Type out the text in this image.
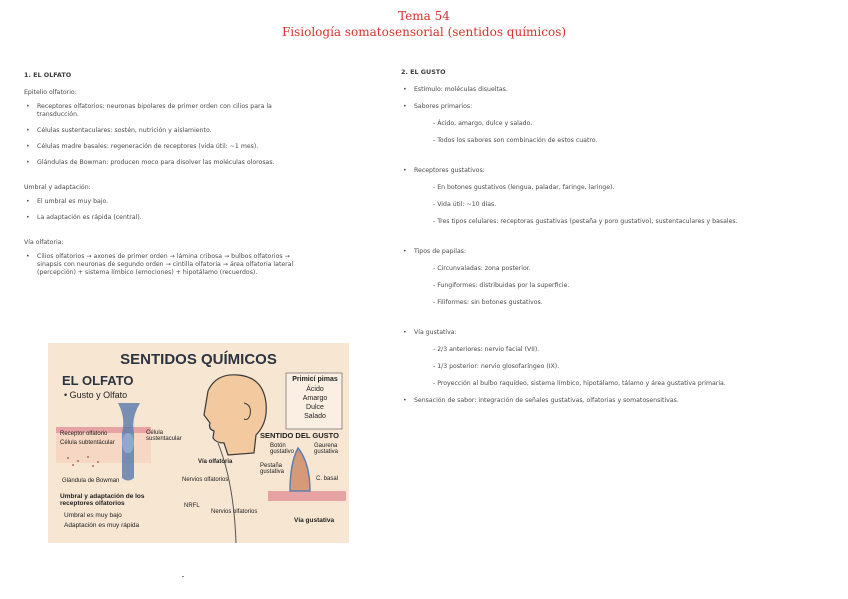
Tema 54
Fisiología somatosensorial (sentidos químicos)
1. EL OLFATO
Epitelio olfatorio:
• Receptores olfatorios: neuronas bipolares de primer orden con cilios para la transducción.
• Células sustentaculares: sostén, nutrición y aislamiento.
• Células madre basales: regeneración de receptores (vida útil: ~1 mes).
• Glándulas de Bowman: producen moco para disolver las moléculas olorosas.
Umbral y adaptación:
• El umbral es muy bajo.
• La adaptación es rápida (central).
Vía olfatoria:
• Cilios olfatorios → axones de primer orden → lámina cribosa → bulbos olfatorios → sinapsis con neuronas de segundo orden → cintilla olfatoria → área olfatoria lateral (percepción) + sistema límbico (emociones) + hipotálamo (recuerdos).
2. EL GUSTO
• Estímulo: moléculas disueltas.
• Sabores primarios:
- Ácido, amargo, dulce y salado.
- Todos los sabores son combinación de estos cuatro.
• Receptores gustativos:
- En botones gustativos (lengua, paladar, faringe, laringe).
- Vida útil: ~10 días.
- Tres tipos celulares: receptoras gustativas (pestaña y poro gustativo), sustentaculares y basales.
• Tipos de papilas:
- Circunvaladas: zona posterior.
- Fungiformes: distribuidas por la superficie.
- Filiformes: sin botones gustativos.
• Vía gustativa:
- 2/3 anteriores: nervio facial (VII).
- 1/3 posterior: nervio glosofaríngeo (IX).
- Proyección al bulbo raquídeo, sistema límbico, hipotálamo, tálamo y área gustativa primaria.
• Sensación de sabor: integración de señales gustativas, olfatorias y somatosensitivas.
SENTIDOS QUÍMICOS
EL OLFATO
• Gusto y Olfato
Primicí pimas
Ácido
Amargo
Dulce
Salado
Receptor olfatorio
Célula subtentácular
Célula sustentacular
Glándula de Bowman
Umbral y adaptación de los receptores olfatorios
Umbral es muy bajo
Adaptación es muy rápida
Vía olfatoria
Nervios olfatorios
NRFL
Nervios olfatorios
SENTIDO DEL GUSTO
Botón gustativo
Gaurena gustativa
Pestaña gustativa
C. basal
Vía gustativa
